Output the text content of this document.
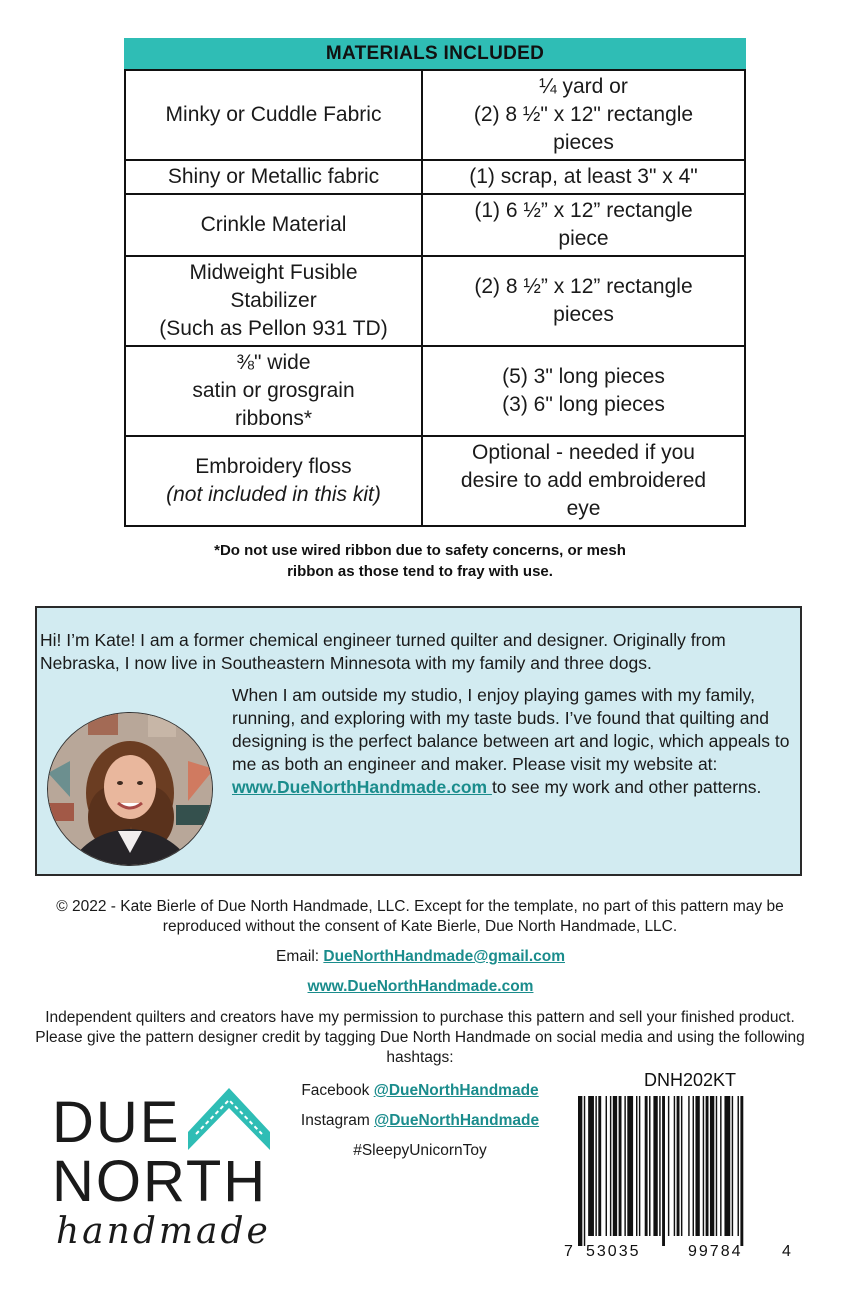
MATERIALS INCLUDED
Minky or Cuddle Fabric	¼ yard or
(2) 8 ½" x 12" rectangle
pieces

Shiny or Metallic fabric	(1) scrap, at least 3" x 4"

Crinkle Material	(1) 6 ½” x 12” rectangle
piece

Midweight Fusible
Stabilizer
(Such as Pellon 931 TD)	(2) 8 ½” x 12” rectangle
pieces

⅜" wide
satin or grosgrain
ribbons*	(5) 3" long pieces
(3) 6" long pieces

Embroidery floss
(not included in this kit)	Optional - needed if you
desire to add embroidered
eye
*Do not use wired ribbon due to safety concerns, or mesh
ribbon as those tend to fray with use.

Hi! I’m Kate! I am a former chemical engineer turned quilter and designer. Originally from Nebraska, I now live in Southeastern Minnesota with my family and three dogs.

When I am outside my studio, I enjoy playing games with my family, running, and exploring with my taste buds. I’ve found that quilting and designing is the perfect balance between art and logic, which appeals to me as both an engineer and maker. Please visit my website at:
www.DueNorthHandmade.com to see my work and other patterns.

© 2022 - Kate Bierle of Due North Handmade, LLC. Except for the template, no part of this pattern may be reproduced without the consent of Kate Bierle, Due North Handmade, LLC.

Email: DueNorthHandmade@gmail.com

www.DueNorthHandmade.com

Independent quilters and creators have my permission to purchase this pattern and sell your finished product. Please give the pattern designer credit by tagging Due North Handmade on social media and using the following hashtags:

Facebook @DueNorthHandmade
Instagram @DueNorthHandmade
#SleepyUnicornToy
DUE
NORTH
handmade
DNH202KT
7 53035	99784 4
